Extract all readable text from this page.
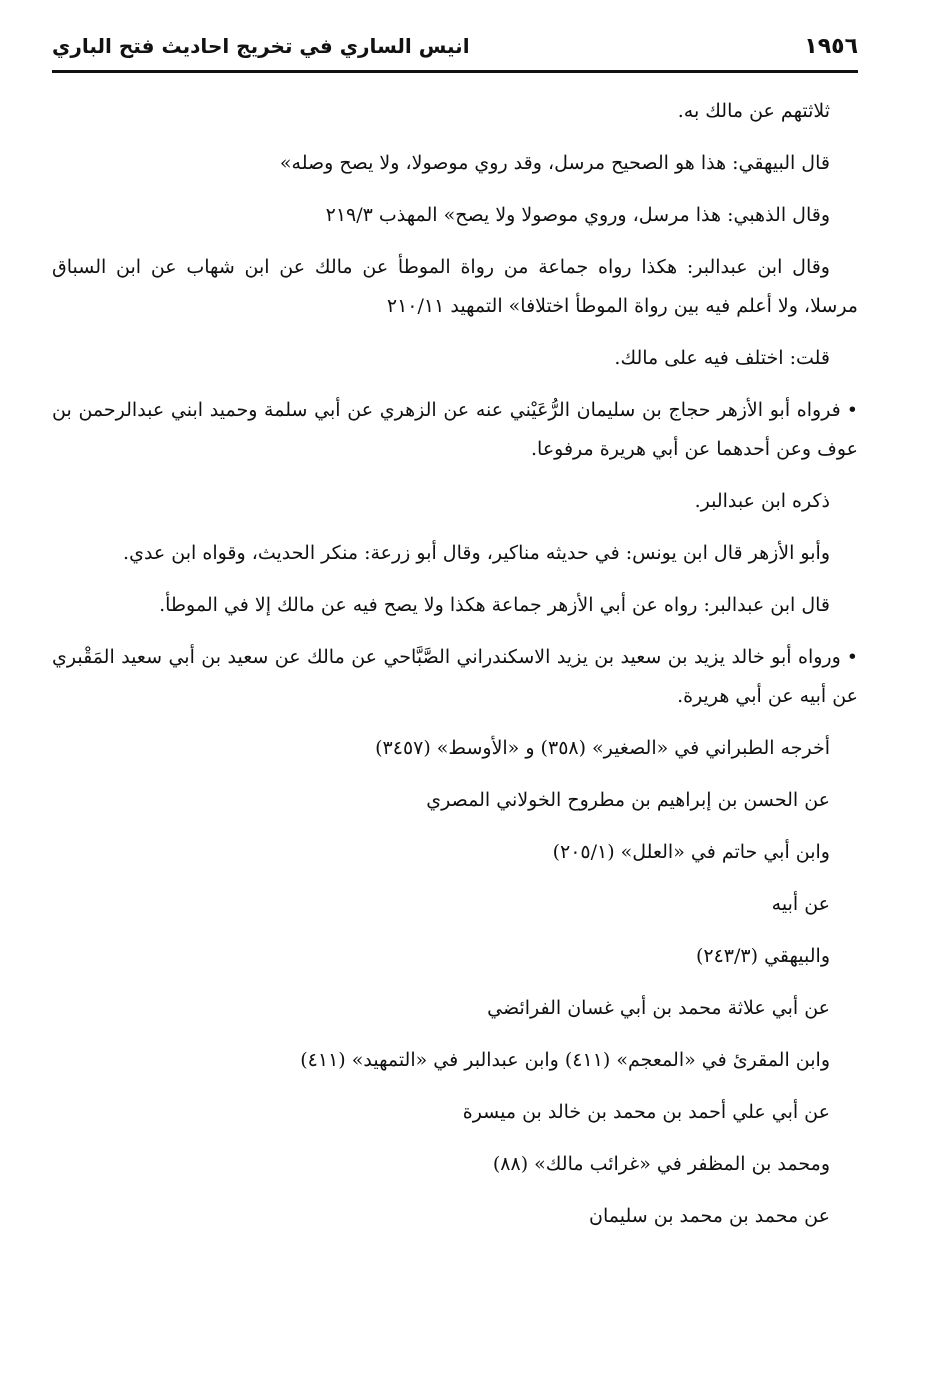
١٩٥٦
انيس الساري في تخريج احاديث فتح الباري

ثلاثتهم عن مالك به.

قال البيهقي: هذا هو الصحيح مرسل، وقد روي موصولا، ولا يصح وصله»

وقال الذهبي: هذا مرسل، وروي موصولا ولا يصح» المهذب ٢١٩/٣

وقال ابن عبدالبر: هكذا رواه جماعة من رواة الموطأ عن مالك عن ابن شهاب عن ابن السباق مرسلا، ولا أعلم فيه بين رواة الموطأ اختلافا» التمهيد ٢١٠/١١

قلت: اختلف فيه على مالك.

•فرواه أبو الأزهر حجاج بن سليمان الرُّعَيْني عنه عن الزهري عن أبي سلمة وحميد ابني عبدالرحمن بن عوف وعن أحدهما عن أبي هريرة مرفوعا.

ذكره ابن عبدالبر.

وأبو الأزهر قال ابن يونس: في حديثه مناكير، وقال أبو زرعة: منكر الحديث، وقواه ابن عدي.

قال ابن عبدالبر: رواه عن أبي الأزهر جماعة هكذا ولا يصح فيه عن مالك إلا في الموطأ.

•ورواه أبو خالد يزيد بن سعيد بن يزيد الاسكندراني الصَّبَّاحي عن مالك عن سعيد بن أبي سعيد المَقْبري عن أبيه عن أبي هريرة.

أخرجه الطبراني في «الصغير» (٣٥٨) و «الأوسط» (٣٤٥٧)

عن الحسن بن إبراهيم بن مطروح الخولاني المصري

وابن أبي حاتم في «العلل» (٢٠٥/١)

عن أبيه

والبيهقي (٢٤٣/٣)

عن أبي علاثة محمد بن أبي غسان الفرائضي

وابن المقرئ في «المعجم» (٤١١) وابن عبدالبر في «التمهيد» (٤١١)

عن أبي علي أحمد بن محمد بن خالد بن ميسرة

ومحمد بن المظفر في «غرائب مالك» (٨٨)

عن محمد بن محمد بن سليمان
